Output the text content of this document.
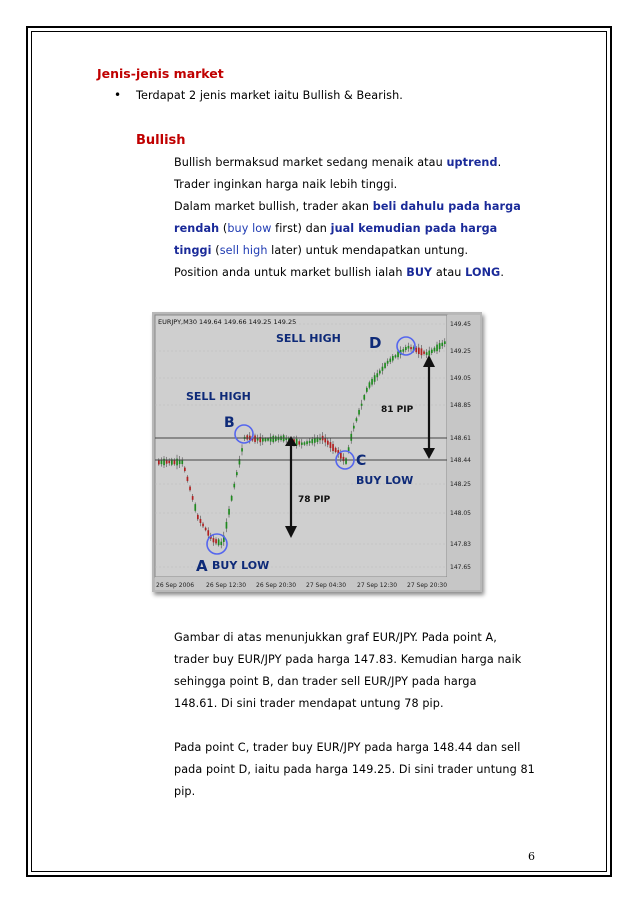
Jenis-jenis market
• Terdapat 2 jenis market iaitu Bullish & Bearish.
Bullish
Bullish bermaksud market sedang menaik atau uptrend.
Trader inginkan harga naik lebih tinggi.
Dalam market bullish, trader akan beli dahulu pada harga
rendah (buy low first) dan jual kemudian pada harga
tinggi (sell high later) untuk mendapatkan untung.
Position anda untuk market bullish ialah BUY atau LONG.
EURJPY,M30 149.64 149.66 149.25 149.25	149.45
149.25
149.05
148.85
148.61
148.44
148.25
148.05
147.83
147.65
26 Sep 2006 26 Sep 12:30 26 Sep 20:30 27 Sep 04:30 27 Sep 12:30 27 Sep 20:30
A
B
C
D
BUY LOW
SELL HIGH
BUY LOW
SELL HIGH
78 PIP
81 PIP
Gambar di atas menunjukkan graf EUR/JPY. Pada point A,
trader buy EUR/JPY pada harga 147.83. Kemudian harga naik
sehingga point B, dan trader sell EUR/JPY pada harga
148.61. Di sini trader mendapat untung 78 pip.
Pada point C, trader buy EUR/JPY pada harga 148.44 dan sell
pada point D, iaitu pada harga 149.25. Di sini trader untung 81
pip.
6
